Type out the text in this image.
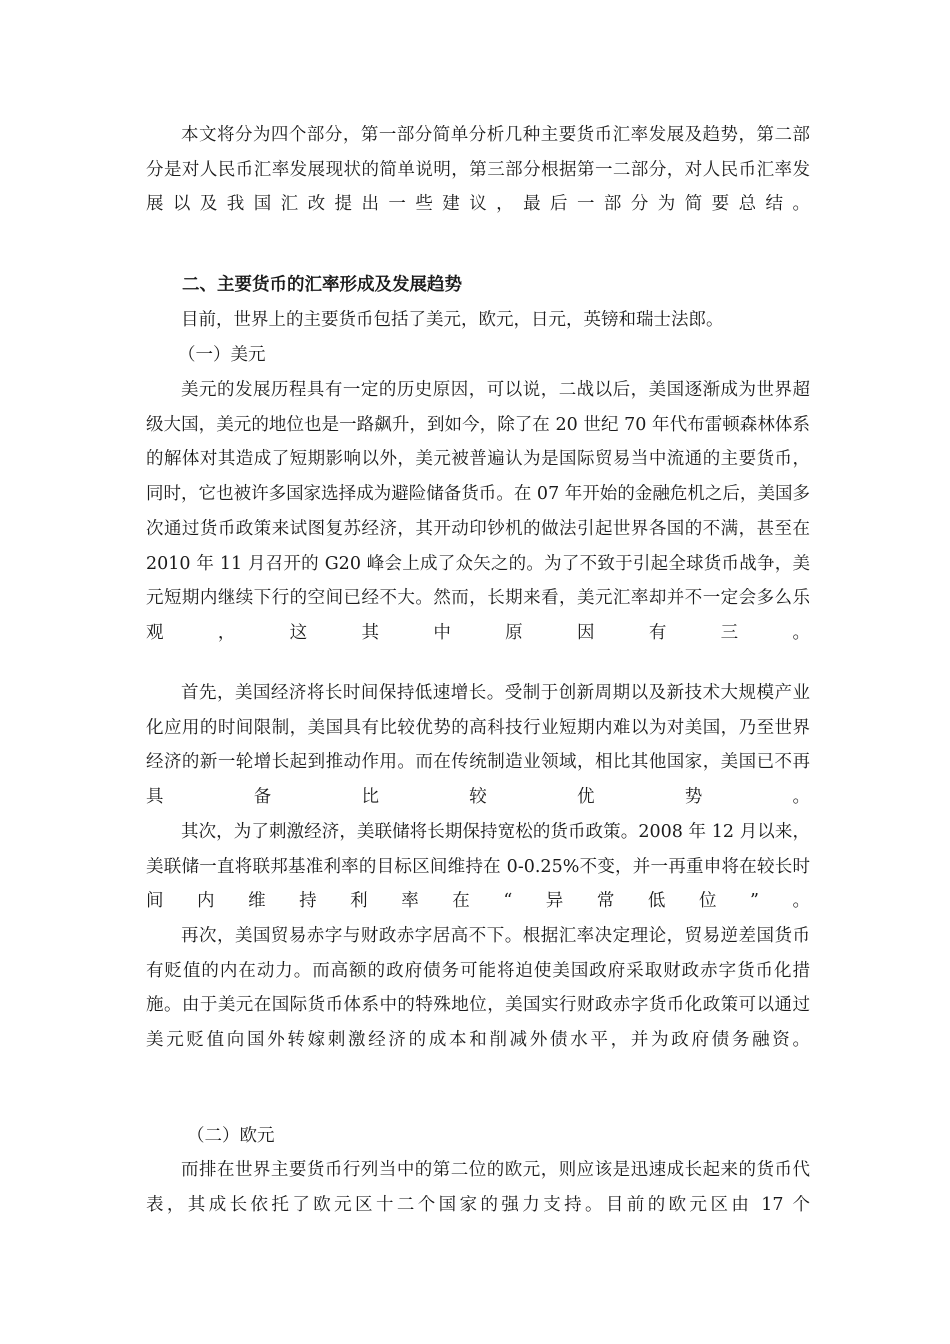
本文将分为四个部分，第一部分简单分析几种主要货币汇率发展及趋势，第二部分是对人民币汇率发展现状的简单说明，第三部分根据第一二部分，对人民币汇率发展以及我国汇改提出一些建议，最后一部分为简要总结。

二、主要货币的汇率形成及发展趋势

目前，世界上的主要货币包括了美元，欧元，日元，英镑和瑞士法郎。

（一）美元

美元的发展历程具有一定的历史原因，可以说，二战以后，美国逐渐成为世界超级大国，美元的地位也是一路飙升，到如今，除了在 20 世纪 70 年代布雷顿森林体系的解体对其造成了短期影响以外，美元被普遍认为是国际贸易当中流通的主要货币，同时，它也被许多国家选择成为避险储备货币。在 07 年开始的金融危机之后，美国多次通过货币政策来试图复苏经济，其开动印钞机的做法引起世界各国的不满，甚至在 2010 年 11 月召开的 G20 峰会上成了众矢之的。为了不致于引起全球货币战争，美元短期内继续下行的空间已经不大。然而，长期来看，美元汇率却并不一定会多么乐观，这其中原因有三。

首先，美国经济将长时间保持低速增长。受制于创新周期以及新技术大规模产业化应用的时间限制，美国具有比较优势的高科技行业短期内难以为对美国，乃至世界经济的新一轮增长起到推动作用。而在传统制造业领域，相比其他国家，美国已不再具备比较优势。

其次，为了刺激经济，美联储将长期保持宽松的货币政策。2008 年 12 月以来，美联储一直将联邦基准利率的目标区间维持在 0-0.25%不变，并一再重申将在较长时间内维持利率在“异常低位”。

再次，美国贸易赤字与财政赤字居高不下。根据汇率决定理论，贸易逆差国货币有贬值的内在动力。而高额的政府债务可能将迫使美国政府采取财政赤字货币化措施。由于美元在国际货币体系中的特殊地位，美国实行财政赤字货币化政策可以通过美元贬值向国外转嫁刺激经济的成本和削减外债水平，并为政府债务融资。

（二）欧元

而排在世界主要货币行列当中的第二位的欧元，则应该是迅速成长起来的货币代表，其成长依托了欧元区十二个国家的强力支持。目前的欧元区由 17 个
